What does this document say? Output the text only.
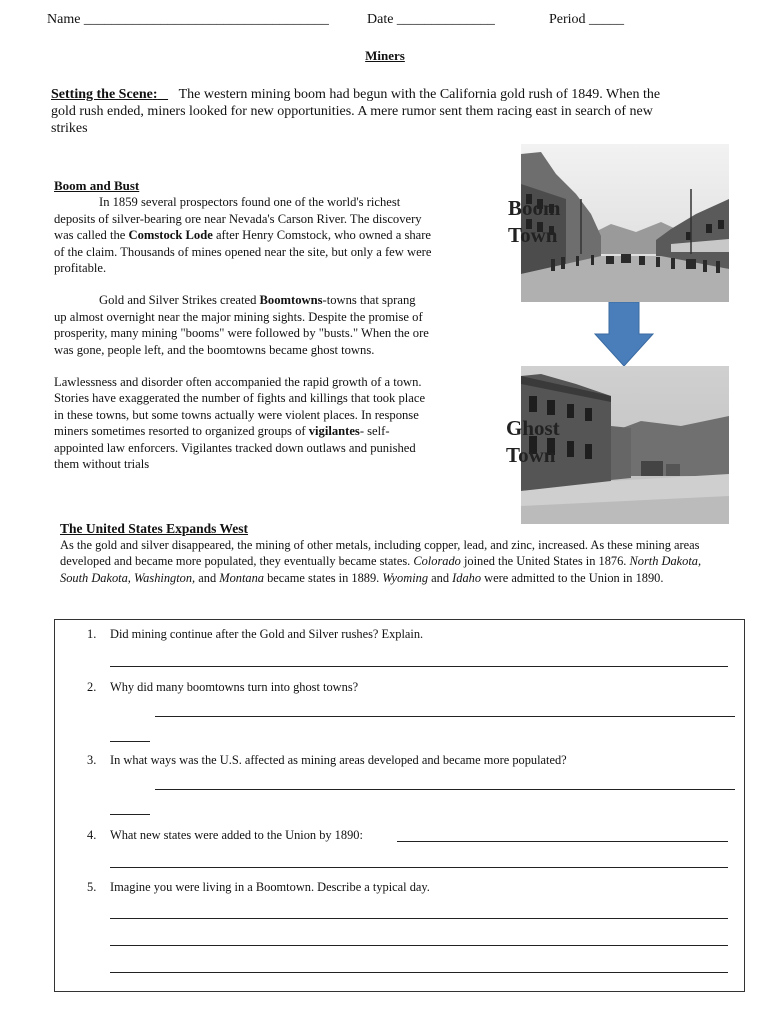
Name ___________________________________	Date ______________	Period _____
Miners
Setting the Scene: The western mining boom had begun with the California gold rush of 1849. When the gold rush ended, miners looked for new opportunities. A mere rumor sent them racing east in search of new strikes
Boom and Bust

In 1859 several prospectors found one of the world's richest deposits of silver-bearing ore near Nevada's Carson River. The discovery was called the Comstock Lode after Henry Comstock, who owned a share of the claim. Thousands of mines opened near the site, but only a few were profitable.

Gold and Silver Strikes created Boomtowns-towns that sprang
up almost overnight near the major mining sights. Despite the promise of prosperity, many mining "booms" were followed by "busts." When the ore was gone, people left, and the boomtowns became ghost towns.

Lawlessness and disorder often accompanied the rapid growth of a town. Stories have exaggerated the number of fights and killings that took place in these towns, but some towns actually were violent places. In response miners sometimes resorted to organized groups of vigilantes- self-appointed law enforcers. Vigilantes tracked down outlaws and punished them without trials

Boom
Town
Ghost
Town
The United States Expands West
As the gold and silver disappeared, the mining of other metals, including copper, lead, and zinc, increased. As these mining areas developed and became more populated, they eventually became states. Colorado joined the United States in 1876. North Dakota, South Dakota, Washington, and Montana became states in 1889. Wyoming and Idaho were admitted to the Union in 1890.
1. Did mining continue after the Gold and Silver rushes? Explain.
2. Why did many boomtowns turn into ghost towns?
3. In what ways was the U.S. affected as mining areas developed and became more populated?
4. What new states were added to the Union by 1890:
5. Imagine you were living in a Boomtown. Describe a typical day.
